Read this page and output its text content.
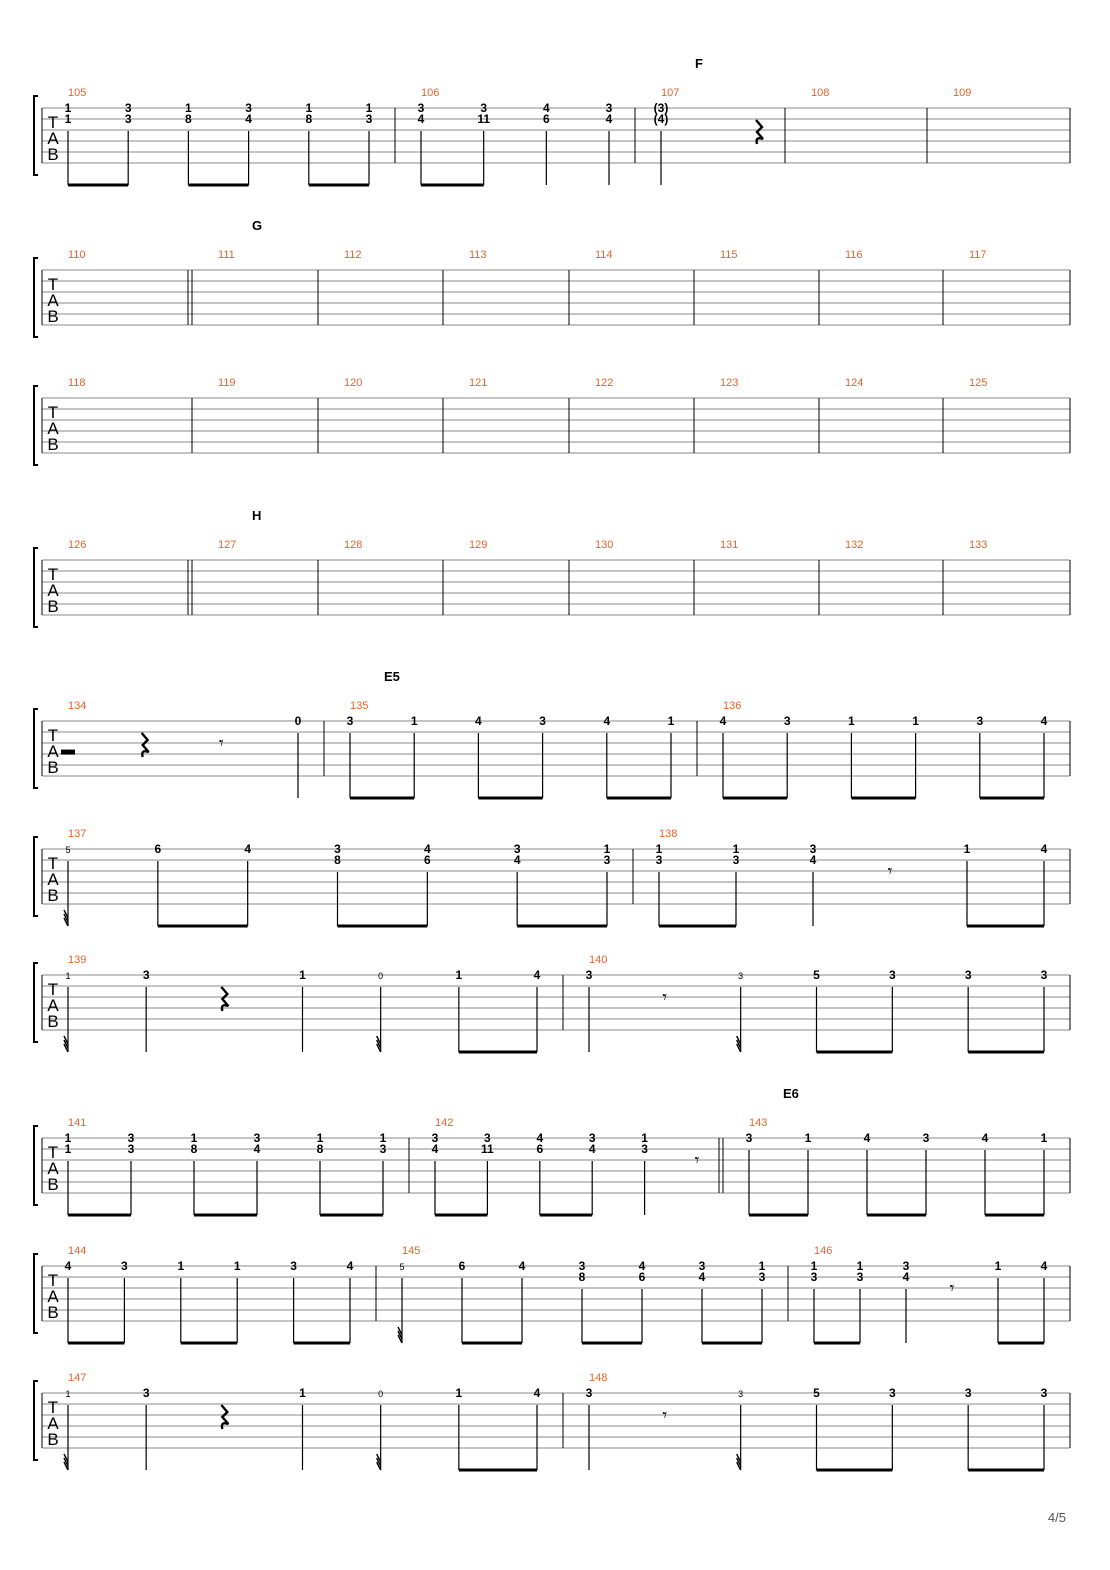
T
A
B
105
1
1
3
3
1
8
3
4
1
8
1
3
106
3
4
3
11
4
6
3
4
107
F
(3)
(4)
108	109
T
A
B
110	111
G
112	113	114	115	116	117
T
A
B
118	119	120	121	122	123	124	125
T
A
B
126	127
H
128	129	130	131	132	133
T
A
B
134
𝄾
0
135
E5
3	1	4	3	4	1
136
4	3	1	1	3	4
T
A
B
137
5	6	4	3
8
4
6
3
4
1
3
138
1
3
1
3
3
4
𝄾
1	4
T
A
B
139
1	3	1	0	1	4
140
3
𝄾
3	5	3	3	3
T
A
B
141
1
1
3
3
1
8
3
4
1
8
1
3
142
3
4
3
11
4
6
3
4
1
3
𝄾
143
E6
3	1	4	3	4	1
T
A
B
144
4	3	1	1	3	4
145
5	6	4	3
8
4
6
3
4
1
3
146
1
3
1
3
3
4
𝄾
1	4
T
A
B
147
1	3	1	0	1	4
148
3
𝄾
3	5	3	3	3
4/5
